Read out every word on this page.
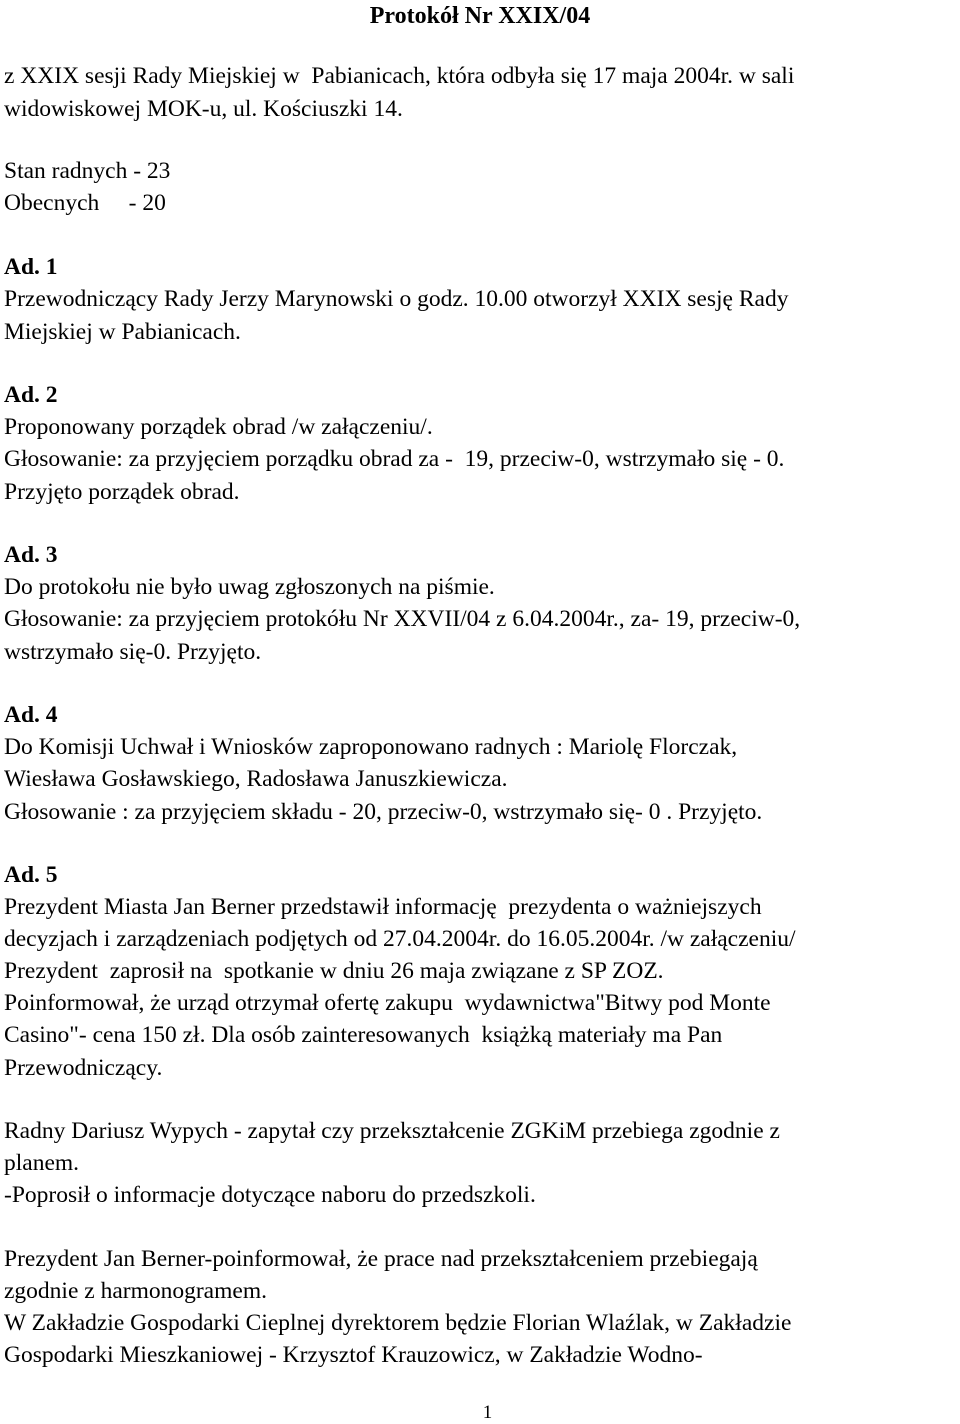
Protokół Nr XXIX/04
z XXIX sesji Rady Miejskiej w  Pabianicach, która odbyła się 17 maja 2004r. w sali
widowiskowej MOK-u, ul. Kościuszki 14.
Stan radnych - 23
Obecnych     - 20
Ad. 1
Przewodniczący Rady Jerzy Marynowski o godz. 10.00 otworzył XXIX sesję Rady
Miejskiej w Pabianicach.
Ad. 2
Proponowany porządek obrad /w załączeniu/.
Głosowanie: za przyjęciem porządku obrad za -  19, przeciw-0, wstrzymało się - 0.
Przyjęto porządek obrad.
Ad. 3
Do protokołu nie było uwag zgłoszonych na piśmie.
Głosowanie: za przyjęciem protokółu Nr XXVII/04 z 6.04.2004r., za- 19, przeciw-0,
wstrzymało się-0. Przyjęto.
Ad. 4
Do Komisji Uchwał i Wniosków zaproponowano radnych : Mariolę Florczak,
Wiesława Gosławskiego, Radosława Januszkiewicza.
Głosowanie : za przyjęciem składu - 20, przeciw-0, wstrzymało się- 0 . Przyjęto.
Ad. 5
Prezydent Miasta Jan Berner przedstawił informację  prezydenta o ważniejszych
decyzjach i zarządzeniach podjętych od 27.04.2004r. do 16.05.2004r. /w załączeniu/
Prezydent  zaprosił na  spotkanie w dniu 26 maja związane z SP ZOZ.
Poinformował, że urząd otrzymał ofertę zakupu  wydawnictwa"Bitwy pod Monte
Casino"- cena 150 zł. Dla osób zainteresowanych  książką materiały ma Pan
Przewodniczący.
Radny Dariusz Wypych - zapytał czy przekształcenie ZGKiM przebiega zgodnie z
planem.
-Poprosił o informacje dotyczące naboru do przedszkoli.
Prezydent Jan Berner-poinformował, że prace nad przekształceniem przebiegają
zgodnie z harmonogramem.
W Zakładzie Gospodarki Cieplnej dyrektorem będzie Florian Wlaźlak, w Zakładzie
Gospodarki Mieszkaniowej - Krzysztof Krauzowicz, w Zakładzie Wodno-
1
